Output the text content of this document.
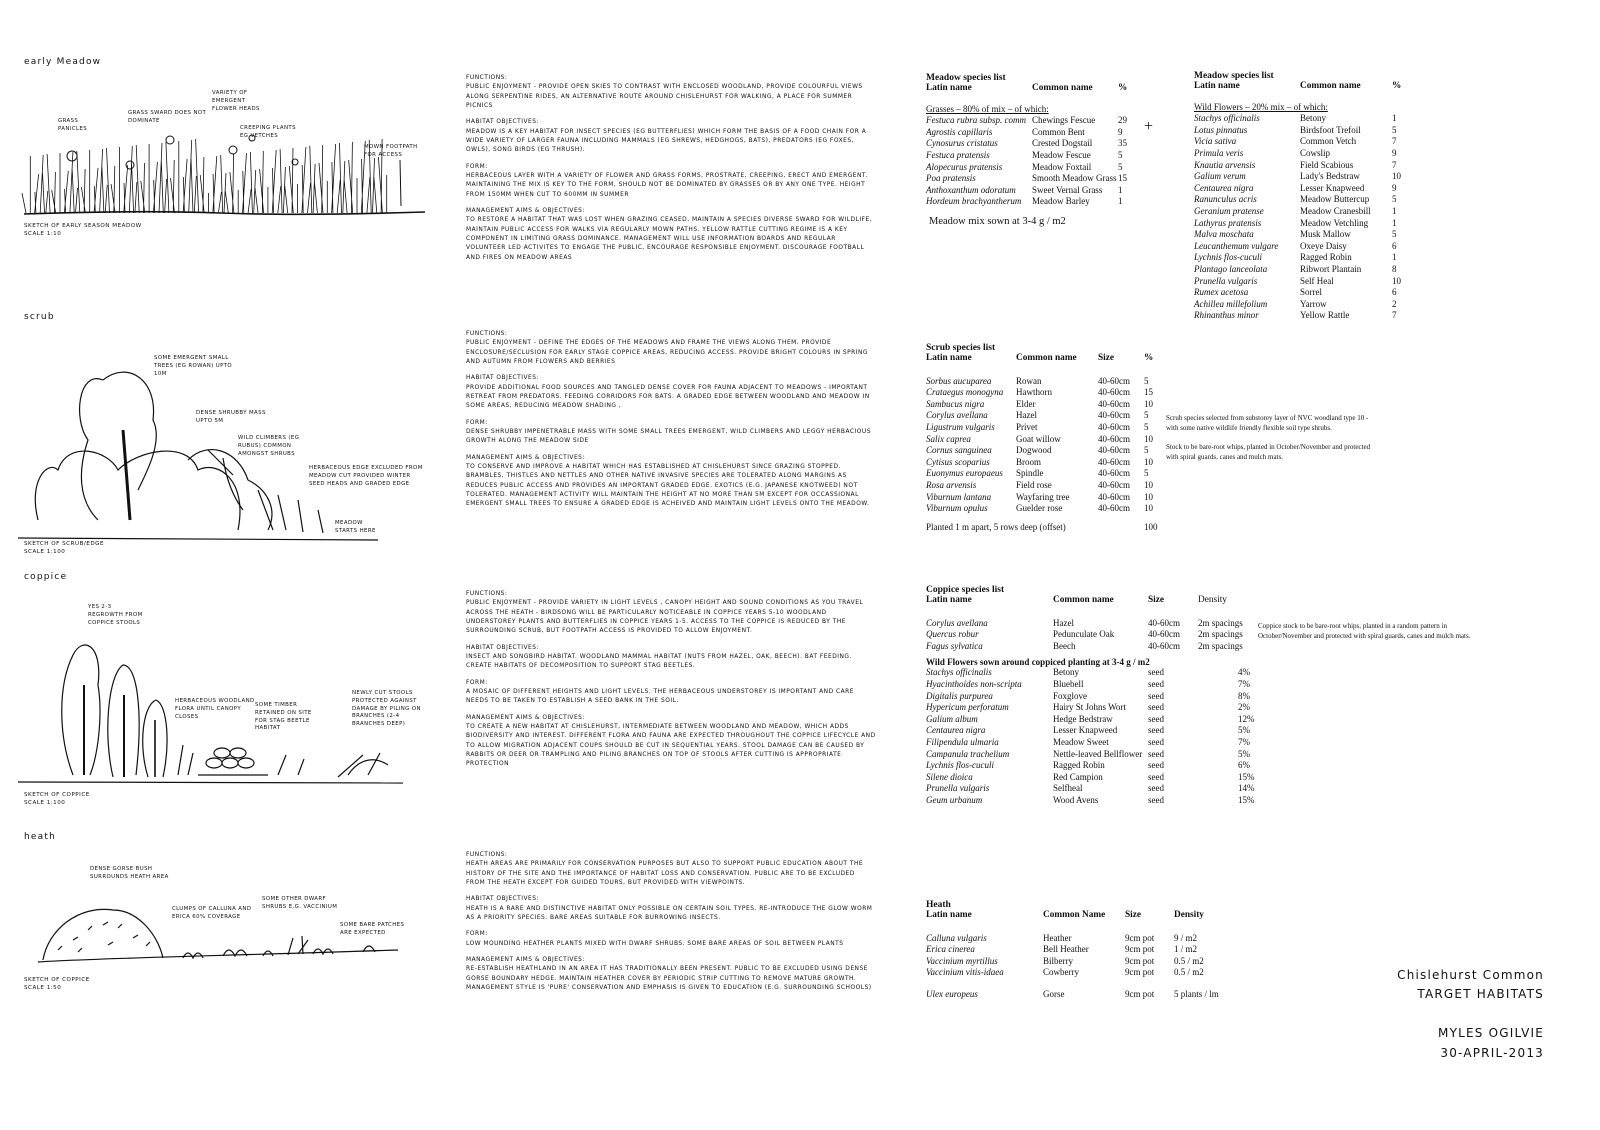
early Meadow
GRASS PANICLES
GRASS SWARD DOES NOT DOMINATE
VARIETY OF EMERGENT FLOWER HEADS
CREEPING PLANTS EG VETCHES
MOWN FOOTPATH FOR ACCESS
SKETCH OF EARLY SEASON MEADOW
SCALE 1:10

FUNCTIONS:

PUBLIC ENJOYMENT - PROVIDE OPEN SKIES TO CONTRAST WITH ENCLOSED WOODLAND, PROVIDE COLOURFUL VIEWS ALONG SERPENTINE RIDES, AN ALTERNATIVE ROUTE AROUND CHISLEHURST FOR WALKING, A PLACE FOR SUMMER PICNICS

HABITAT OBJECTIVES:

MEADOW IS A KEY HABITAT FOR INSECT SPECIES (EG BUTTERFLIES) WHICH FORM THE BASIS OF A FOOD CHAIN FOR A WIDE VARIETY OF LARGER FAUNA INCLUDING MAMMALS (EG SHREWS, HEDGHOGS, BATS), PREDATORS (EG FOXES, OWLS), SONG BIRDS (EG THRUSH).

FORM:

HERBACEOUS LAYER WITH A VARIETY OF FLOWER AND GRASS FORMS, PROSTRATE, CREEPING, ERECT AND EMERGENT. MAINTAINING THE MIX IS KEY TO THE FORM, SHOULD NOT BE DOMINATED BY GRASSES OR BY ANY ONE TYPE. HEIGHT FROM 150MM WHEN CUT TO 600MM IN SUMMER

MANAGEMENT AIMS & OBJECTIVES:

TO RESTORE A HABITAT THAT WAS LOST WHEN GRAZING CEASED, MAINTAIN A SPECIES DIVERSE SWARD FOR WILDLIFE, MAINTAIN PUBLIC ACCESS FOR WALKS VIA REGULARLY MOWN PATHS. YELLOW RATTLE CUTTING REGIME IS A KEY COMPONENT IN LIMITING GRASS DOMINANCE. MANAGEMENT WILL USE INFORMATION BOARDS AND REGULAR VOLUNTEER LED ACTIVITES TO ENGAGE THE PUBLIC, ENCOURAGE RESPONSIBLE ENJOYMENT. DISCOURAGE FOOTBALL AND FIRES ON MEADOW AREAS

Meadow species list
Latin name	Common name	%
Grasses – 80% of mix – of which:		
Festuca rubra subsp. comm	Chewings Fescue	29
Agrostis capillaris	Common Bent	9
Cynosurus cristatus	Crested Dogstail	35
Festuca pratensis	Meadow Fescue	5
Alopecurus pratensis	Meadow Foxtail	5
Poa pratensis	Smooth Meadow Grass	15
Anthoxanthum odoratum	Sweet Vernal Grass	1
Hordeum brachyantherum	Meadow Barley	1
Meadow mix sown at 3-4 g / m2
+
Meadow species list
Latin name	Common name	%
Wild Flowers – 20% mix – of which:		
Stachys officinalis	Betony	1
Lotus pinnatus	Birdsfoot Trefoil	5
Vicia sativa	Common Vetch	7
Primula veris	Cowslip	9
Knautia arvensis	Field Scabious	7
Galium verum	Lady's Bedstraw	10
Centaurea nigra	Lesser Knapweed	9
Ranunculus acris	Meadow Buttercup	5
Geranium pratense	Meadow Cranesbill	1
Lathyrus pratensis	Meadow Vetchling	1
Malva moschata	Musk Mallow	5
Leucanthemum vulgare	Oxeye Daisy	6
Lychnis flos-cuculi	Ragged Robin	1
Plantago lanceolata	Ribwort Plantain	8
Prunella vulgaris	Self Heal	10
Rumex acetosa	Sorrel	6
Achillea millefolium	Yarrow	2
Rhinanthus minor	Yellow Rattle	7
scrub
SOME EMERGENT SMALL TREES (EG ROWAN) UPTO 10M
DENSE SHRUBBY MASS UPTO 5M
WILD CLIMBERS (EG RUBUS) COMMON AMONGST SHRUBS
HERBACEOUS EDGE EXCLUDED FROM MEADOW CUT PROVIDED WINTER SEED HEADS AND GRADED EDGE
MEADOW STARTS HERE
SKETCH OF SCRUB/EDGE
SCALE 1:100

FUNCTIONS:

PUBLIC ENJOYMENT - DEFINE THE EDGES OF THE MEADOWS AND FRAME THE VIEWS ALONG THEM. PROVIDE ENCLOSURE/SECLUSION FOR EARLY STAGE COPPICE AREAS, REDUCING ACCESS. PROVIDE BRIGHT COLOURS IN SPRING AND AUTUMN FROM FLOWERS AND BERRIES

HABITAT OBJECTIVES:

PROVIDE ADDITIONAL FOOD SOURCES AND TANGLED DENSE COVER FOR FAUNA ADJACENT TO MEADOWS - IMPORTANT RETREAT FROM PREDATORS. FEEDING CORRIDORS FOR BATS. A GRADED EDGE BETWEEN WOODLAND AND MEADOW IN SOME AREAS, REDUCING MEADOW SHADING ,

FORM:

DENSE SHRUBBY IMPENETRABLE MASS WITH SOME SMALL TREES EMERGENT, WILD CLIMBERS AND LEGGY HERBACIOUS GROWTH ALONG THE MEADOW SIDE

MANAGEMENT AIMS & OBJECTIVES:

TO CONSERVE AND IMPROVE A HABITAT WHICH HAS ESTABLISHED AT CHISLEHURST SINCE GRAZING STOPPED. BRAMBLES, THISTLES AND NETTLES AND OTHER NATIVE INVASIVE SPECIES ARE TOLERATED ALONG MARGINS AS REDUCES PUBLIC ACCESS AND PROVIDES AN IMPORTANT GRADED EDGE. EXOTICS (E.G. JAPANESE KNOTWEED) NOT TOLERATED. MANAGEMENT ACTIVITY WILL MAINTAIN THE HEIGHT AT NO MORE THAN 5M EXCEPT FOR OCCASSIONAL EMERGENT SMALL TREES TO ENSURE A GRADED EDGE IS ACHEIVED AND MAINTAIN LIGHT LEVELS ONTO THE MEADOW.

Scrub species list
Latin name	Common name	Size	%

Sorbus aucuparea	Rowan	40-60cm	5
Crataegus monogyna	Hawthorn	40-60cm	15
Sambucus nigra	Elder	40-60cm	10
Corylus avellana	Hazel	40-60cm	5
Ligustrum vulgaris	Privet	40-60cm	5
Salix caprea	Goat willow	40-60cm	10
Cornus sanguinea	Dogwood	40-60cm	5
Cytisus scoparius	Broom	40-60cm	10
Euonymus europaeus	Spindle	40-60cm	5
Rosa arvensis	Field rose	40-60cm	10
Viburnum lantana	Wayfaring tree	40-60cm	10
Viburnum opulus	Guelder rose	40-60cm	10
Planted 1 m apart, 5 rows deep (offset)	100
Scrub species selected from substorey layer of NVC woodland type 10 - with some native wildlife friendly flexible soil type shrubs.
Stock to be bare-root whips, planted in October/November and protected with spiral guards, canes and mulch mats.
coppice
YES 2-3 REGROWTH FROM COPPICE STOOLS
HERBACEOUS WOODLAND FLORA UNTIL CANOPY CLOSES
SOME TIMBER RETAINED ON SITE FOR STAG BEETLE HABITAT
NEWLY CUT STOOLS PROTECTED AGAINST DAMAGE BY PILING ON BRANCHES (2-4 BRANCHES DEEP)
SKETCH OF COPPICE
SCALE 1:100

FUNCTIONS:

PUBLIC ENJOYMENT - PROVIDE VARIETY IN LIGHT LEVELS , CANOPY HEIGHT AND SOUND CONDITIONS AS YOU TRAVEL ACROSS THE HEATH - BIRDSONG WILL BE PARTICULARLY NOTICEABLE IN COPPICE YEARS 5-10 WOODLAND UNDERSTOREY PLANTS AND BUTTERFLIES IN COPPICE YEARS 1-5. ACCESS TO THE COPPICE IS REDUCED BY THE SURROUNDING SCRUB, BUT FOOTPATH ACCESS IS PROVIDED TO ALLOW ENJOYMENT.

HABITAT OBJECTIVES:

INSECT AND SONGBIRD HABITAT. WOODLAND MAMMAL HABITAT (NUTS FROM HAZEL, OAK, BEECH). BAT FEEDING. CREATE HABITATS OF DECOMPOSITION TO SUPPORT STAG BEETLES.

FORM:

A MOSAIC OF DIFFERENT HEIGHTS AND LIGHT LEVELS. THE HERBACEOUS UNDERSTOREY IS IMPORTANT AND CARE NEEDS TO BE TAKEN TO ESTABLISH A SEED BANK IN THE SOIL.

MANAGEMENT AIMS & OBJECTIVES:

TO CREATE A NEW HABITAT AT CHISLEHURST, INTERMEDIATE BETWEEN WOODLAND AND MEADOW, WHICH ADDS BIODIVERSITY AND INTEREST. DIFFERENT FLORA AND FAUNA ARE EXPECTED THROUGHOUT THE COPPICE LIFECYCLE AND TO ALLOW MIGRATION ADJACENT COUPS SHOULD BE CUT IN SEQUENTIAL YEARS. STOOL DAMAGE CAN BE CAUSED BY RABBITS OR DEER OR TRAMPLING AND PILING BRANCHES ON TOP OF STOOLS AFTER CUTTING IS APPROPRIATE PROTECTION

Coppice species list
Latin name	Common name	Size	Density

Corylus avellana	Hazel	40-60cm	2m spacings
Quercus robur	Pedunculate Oak	40-60cm	2m spacings
Fagus sylvatica	Beech	40-60cm	2m spacings
Wild Flowers sown around coppiced planting at 3-4 g / m2

Stachys officinalis	Betony	seed	4%
Hyacinthoides non-scripta	Bluebell	seed	7%
Digitalis purpurea	Foxglove	seed	8%
Hypericum perforatum	Hairy St Johns Wort	seed	2%
Galium album	Hedge Bedstraw	seed	12%
Centaurea nigra	Lesser Knapweed	seed	5%
Filipendula ulmaria	Meadow Sweet	seed	7%
Campanula trachelium	Nettle-leaved Bellflower	seed	5%
Lychnis flos-cuculi	Ragged Robin	seed	6%
Silene dioica	Red Campion	seed	15%
Prunella vulgaris	Selfheal	seed	14%
Geum urbanum	Wood Avens	seed	15%
Coppice stock to be bare-root whips, planted in a random pattern in October/November and protected with spiral guards, canes and mulch mats.
heath
DENSE GORSE BUSH SURROUNDS HEATH AREA
CLUMPS OF CALLUNA AND ERICA 60% COVERAGE
SOME OTHER DWARF SHRUBS E.G. VACCINIUM
SOME BARE PATCHES ARE EXPECTED
SKETCH OF COPPICE
SCALE 1:50

FUNCTIONS:

HEATH AREAS ARE PRIMARILY FOR CONSERVATION PURPOSES BUT ALSO TO SUPPORT PUBLIC EDUCATION ABOUT THE HISTORY OF THE SITE AND THE IMPORTANCE OF HABITAT LOSS AND CONSERVATION. PUBLIC ARE TO BE EXCLUDED FROM THE HEATH EXCEPT FOR GUIDED TOURS, BUT PROVIDED WITH VIEWPOINTS.

HABITAT OBJECTIVES:

HEATH IS A RARE AND DISTINCTIVE HABITAT ONLY POSSIBLE ON CERTAIN SOIL TYPES. RE-INTRODUCE THE GLOW WORM AS A PRIORITY SPECIES. BARE AREAS SUITABLE FOR BURROWING INSECTS.

FORM:

LOW MOUNDING HEATHER PLANTS MIXED WITH DWARF SHRUBS. SOME BARE AREAS OF SOIL BETWEEN PLANTS

MANAGEMENT AIMS & OBJECTIVES:

RE-ESTABLISH HEATHLAND IN AN AREA IT HAS TRADITIONALLY BEEN PRESENT. PUBLIC TO BE EXCLUDED USING DENSE GORSE BOUNDARY HEDGE. MAINTAIN HEATHER COVER BY PERIODIC STRIP CUTTING TO REMOVE MATURE GROWTH. MANAGEMENT STYLE IS 'PURE' CONSERVATION AND EMPHASIS IS GIVEN TO EDUCATION (E.G. SURROUNDING SCHOOLS)

Heath
Latin name	Common Name	Size	Density

Calluna vulgaris	Heather	9cm pot	9 / m2
Erica cinerea	Bell Heather	9cm pot	1 / m2
Vaccinium myrtillus	Bilberry	9cm pot	0.5 / m2
Vaccinium vitis-idaea	Cowberry	9cm pot	0.5 / m2
Ulex europeus	Gorse	9cm pot	5 plants / lm
Chislehurst Common
TARGET HABITATS
MYLES OGILVIE
30-APRIL-2013
